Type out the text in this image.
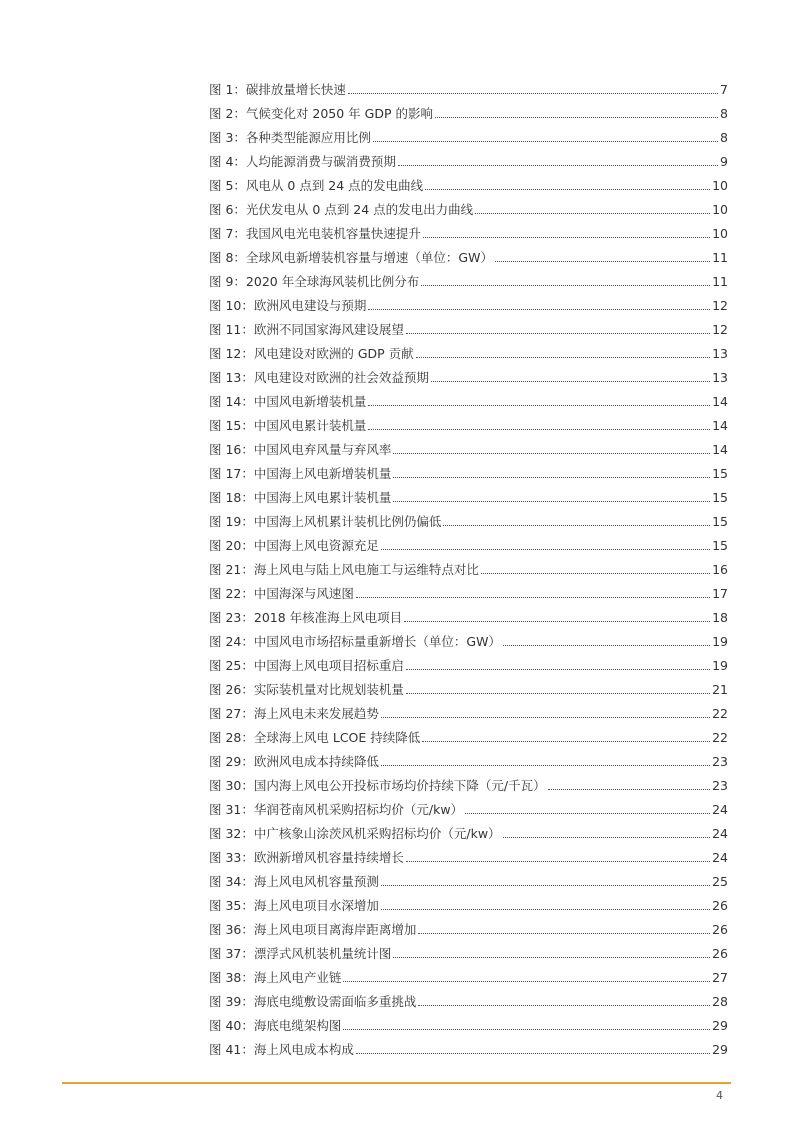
图 1：碳排放量增长快速	7
图 2：气候变化对 2050 年 GDP 的影响	8
图 3：各种类型能源应用比例	8
图 4：人均能源消费与碳消费预期	9
图 5：风电从 0 点到 24 点的发电曲线	10
图 6：光伏发电从 0 点到 24 点的发电出力曲线	10
图 7：我国风电光电装机容量快速提升	10
图 8：全球风电新增装机容量与增速（单位：GW）	11
图 9：2020 年全球海风装机比例分布	11
图 10：欧洲风电建设与预期	12
图 11：欧洲不同国家海风建设展望	12
图 12：风电建设对欧洲的 GDP 贡献	13
图 13：风电建设对欧洲的社会效益预期	13
图 14：中国风电新增装机量	14
图 15：中国风电累计装机量	14
图 16：中国风电弃风量与弃风率	14
图 17：中国海上风电新增装机量	15
图 18：中国海上风电累计装机量	15
图 19：中国海上风机累计装机比例仍偏低	15
图 20：中国海上风电资源充足	15
图 21：海上风电与陆上风电施工与运维特点对比	16
图 22：中国海深与风速图	17
图 23：2018 年核准海上风电项目	18
图 24：中国风电市场招标量重新增长（单位：GW）	19
图 25：中国海上风电项目招标重启	19
图 26：实际装机量对比规划装机量	21
图 27：海上风电未来发展趋势	22
图 28：全球海上风电 LCOE 持续降低	22
图 29：欧洲风电成本持续降低	23
图 30：国内海上风电公开投标市场均价持续下降（元/千瓦）	23
图 31：华润苍南风机采购招标均价（元/kw）	24
图 32：中广核象山涂茨风机采购招标均价（元/kw）	24
图 33：欧洲新增风机容量持续增长	24
图 34：海上风电风机容量预测	25
图 35：海上风电项目水深增加	26
图 36：海上风电项目离海岸距离增加	26
图 37：漂浮式风机装机量统计图	26
图 38：海上风电产业链	27
图 39：海底电缆敷设需面临多重挑战	28
图 40：海底电缆架构图	29
图 41：海上风电成本构成	29
4
